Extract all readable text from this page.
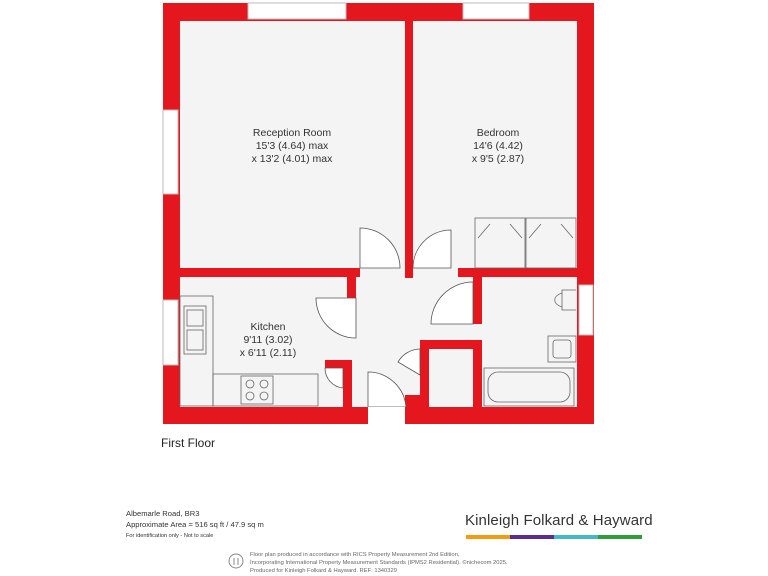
Reception Room
15'3 (4.64) max
x 13'2 (4.01) max
Bedroom
14'6 (4.42)
x 9'5 (2.87)
Kitchen
9'11 (3.02)
x 6'11 (2.11)
First Floor
Albemarle Road, BR3
Approximate Area = 516 sq ft / 47.9 sq m
For identification only - Not to scale
Kinleigh Folkard & Hayward
Floor plan produced in accordance with RICS Property Measurement 2nd Edition,
Incorporating International Property Measurement Standards (IPMS2 Residential). ©nichecom 2025.
Produced for Kinleigh Folkard & Hayward. REF: 1340329
